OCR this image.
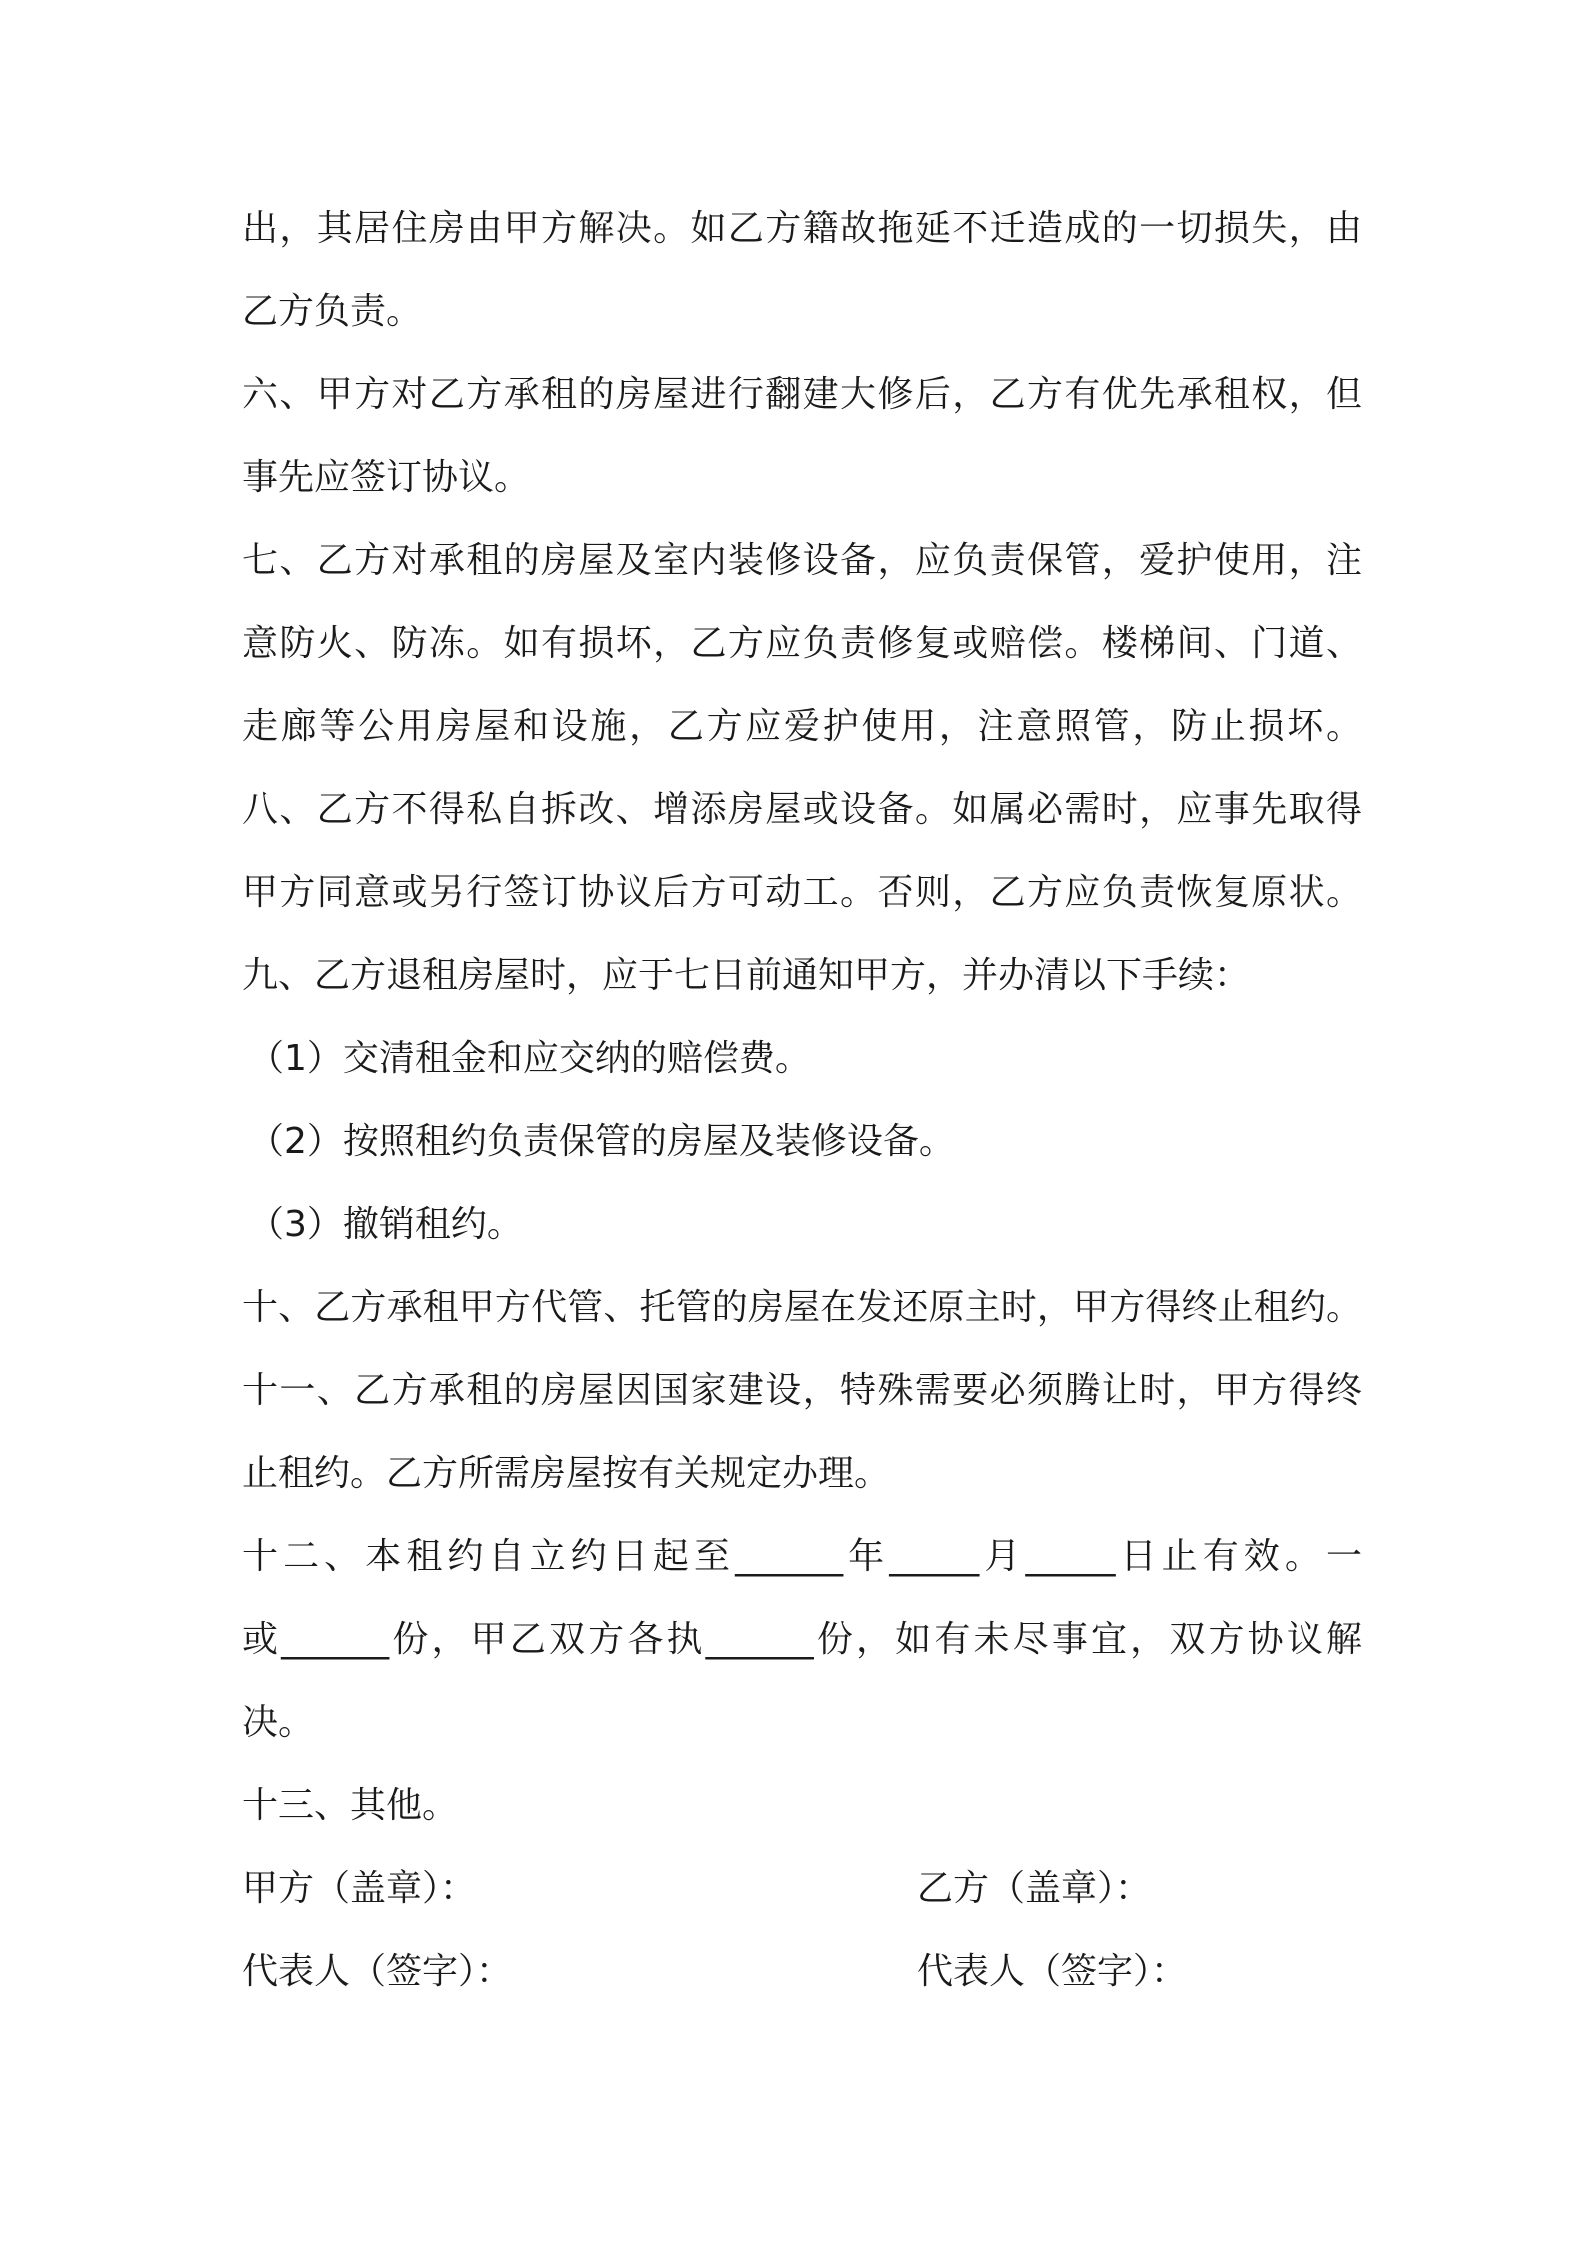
出，其居住房由甲方解决。如乙方籍故拖延不迁造成的一切损失，由
乙方负责。
六、甲方对乙方承租的房屋进行翻建大修后，乙方有优先承租权，但
事先应签订协议。
七、乙方对承租的房屋及室内装修设备，应负责保管，爱护使用，注
意防火、防冻。如有损坏，乙方应负责修复或赔偿。楼梯间、门道、
走廊等公用房屋和设施，乙方应爱护使用，注意照管，防止损坏。
八、乙方不得私自拆改、增添房屋或设备。如属必需时，应事先取得
甲方同意或另行签订协议后方可动工。否则，乙方应负责恢复原状。
九、乙方退租房屋时，应于七日前通知甲方，并办清以下手续：
（1）交清租金和应交纳的赔偿费。
（2）按照租约负责保管的房屋及装修设备。
（3）撤销租约。
十、乙方承租甲方代管、托管的房屋在发还原主时，甲方得终止租约。
十一、乙方承租的房屋因国家建设，特殊需要必须腾让时，甲方得终
止租约。乙方所需房屋按有关规定办理。
十二、本租约自立约日起至______年_____月_____日止有效。一
或______份，甲乙双方各执______份，如有未尽事宜，双方协议解
决。
十三、其他。
甲方（盖章）：	乙方（盖章）：
代表人（签字）：	代表人（签字）：
